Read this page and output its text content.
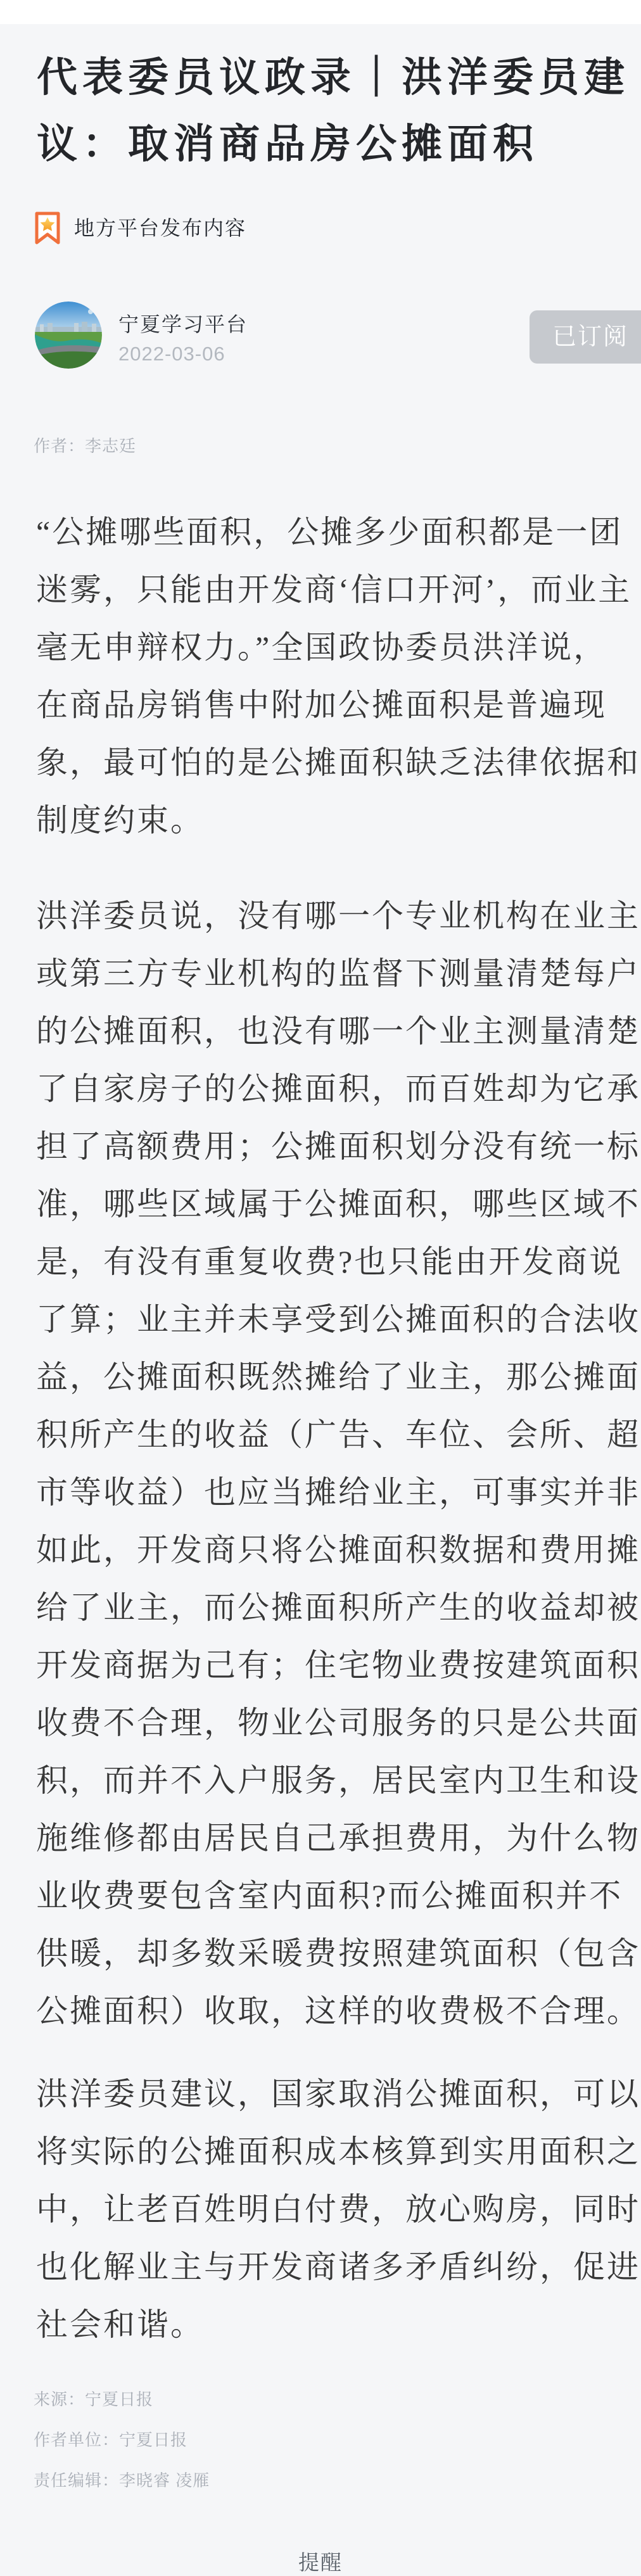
代表委员议政录｜洪洋委员建
议：取消商品房公摊面积
地方平台发布内容
宁夏学习平台
2022-03-06
已订阅
作者：李志廷
“公摊哪些面积，公摊多少面积都是一团
迷雾，只能由开发商‘信口开河’，而业主
毫无申辩权力。”全国政协委员洪洋说，
在商品房销售中附加公摊面积是普遍现
象，最可怕的是公摊面积缺乏法律依据和
制度约束。
洪洋委员说，没有哪一个专业机构在业主
或第三方专业机构的监督下测量清楚每户
的公摊面积，也没有哪一个业主测量清楚
了自家房子的公摊面积，而百姓却为它承
担了高额费用；公摊面积划分没有统一标
准，哪些区域属于公摊面积，哪些区域不
是，有没有重复收费?也只能由开发商说
了算；业主并未享受到公摊面积的合法收
益，公摊面积既然摊给了业主，那公摊面
积所产生的收益（广告、车位、会所、超
市等收益）也应当摊给业主，可事实并非
如此，开发商只将公摊面积数据和费用摊
给了业主，而公摊面积所产生的收益却被
开发商据为己有；住宅物业费按建筑面积
收费不合理，物业公司服务的只是公共面
积，而并不入户服务，居民室内卫生和设
施维修都由居民自己承担费用，为什么物
业收费要包含室内面积?而公摊面积并不
供暖，却多数采暖费按照建筑面积（包含
公摊面积）收取，这样的收费极不合理。
洪洋委员建议，国家取消公摊面积，可以
将实际的公摊面积成本核算到实用面积之
中，让老百姓明白付费，放心购房，同时
也化解业主与开发商诸多矛盾纠纷，促进
社会和谐。
来源：宁夏日报
作者单位：宁夏日报
责任编辑：李晓睿 凌雁
提醒
